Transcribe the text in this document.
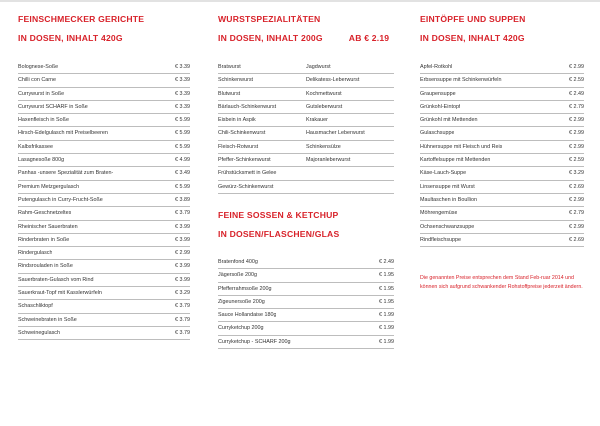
FEINSCHMECKER GERICHTE
IN DOSEN, INHALT 420G
Bolognese-Soße	€ 3.39
Chilli con Carne	€ 3.39
Currywurst in Soße	€ 3.39
Currywurst SCHARF in Soße	€ 3.39
Haxenfleisch in Soße	€ 5.99
Hirsch-Edelgulasch mit Preiselbeeren	€ 5.99
Kalbsfrikassee	€ 5.99
Lasagnesoße 800g	€ 4.99
Panhas -unsere Spezialität zum Braten-	€ 3.49
Premium Metzgergulasch	€ 5.99
Putengulasch in Curry-Frucht-Soße	€ 3.89
Rahm-Geschnetzeltes	€ 3.79
Rheinischer Sauerbraten	€ 3.99
Rinderbraten in Soße	€ 3.99
Rindergulasch	€ 2.99
Rindsrouladen in Soße	€ 3.99
Sauerbraten-Gulasch vom Rind	€ 3.99
Sauerkraut-Topf mit Kasslerwürfeln	€ 3.29
Schaschliktopf	€ 3.79
Schweinebraten in Soße	€ 3.79
Schweinegulasch	€ 3.79
WURSTSPEZIALITÄTEN
IN DOSEN, INHALT 200G	AB € 2.19
Bratwurst	Jagdwurst
Schinkenwurst	Delikatess-Leberwurst
Blutwurst	Kochmettwurst
Bärlauch-Schinkenwurst	Gutsleberwurst
Eisbein in Aspik	Krakauer
Chili-Schinkenwurst	Hausmacher Leberwurst
Fleisch-Rotwurst	Schinkensülze
Pfeffer-Schinkenwurst	Majoranleberwurst
Frühstücksmett in Gelee
Gewürz-Schinkenwurst
FEINE SOSSEN & KETCHUP
IN DOSEN/FLASCHEN/GLAS
Bratenfond 400g	€ 2.49
Jägersoße 200g	€ 1.95
Pfefferrahmsoße 200g	€ 1.95
Zigeunersoße 200g	€ 1.95
Sauce Hollandaise 180g	€ 1.99
Curryketchup 200g	€ 1.99
Curryketchup - SCHARF 200g	€ 1.99
EINTÖPFE UND SUPPEN
IN DOSEN, INHALT 420G
Apfel-Rotkohl	€ 2.99
Erbsensuppe mit Schinkenwürfeln	€ 2.59
Graupensuppe	€ 2.49
Grünkohl-Eintopf	€ 2.79
Grünkohl mit Mettenden	€ 2.99
Gulaschsuppe	€ 2.99
Hühnersuppe mit Fleisch und Reis	€ 2.99
Kartoffelsuppe mit Mettenden	€ 2.59
Käse-Lauch-Suppe	€ 3.29
Linsensuppe mit Wurst	€ 2.69
Maultaschen in Boullion	€ 2.99
Möhrengemüse	€ 2.79
Ochsenschwanzsuppe	€ 2.99
Rindfleischsuppe	€ 2.69
Die genannten Preise entsprechen dem Stand Feb-ruar 2014 und können sich aufgrund schwankender Rohstoffpreise jederzeit ändern.
